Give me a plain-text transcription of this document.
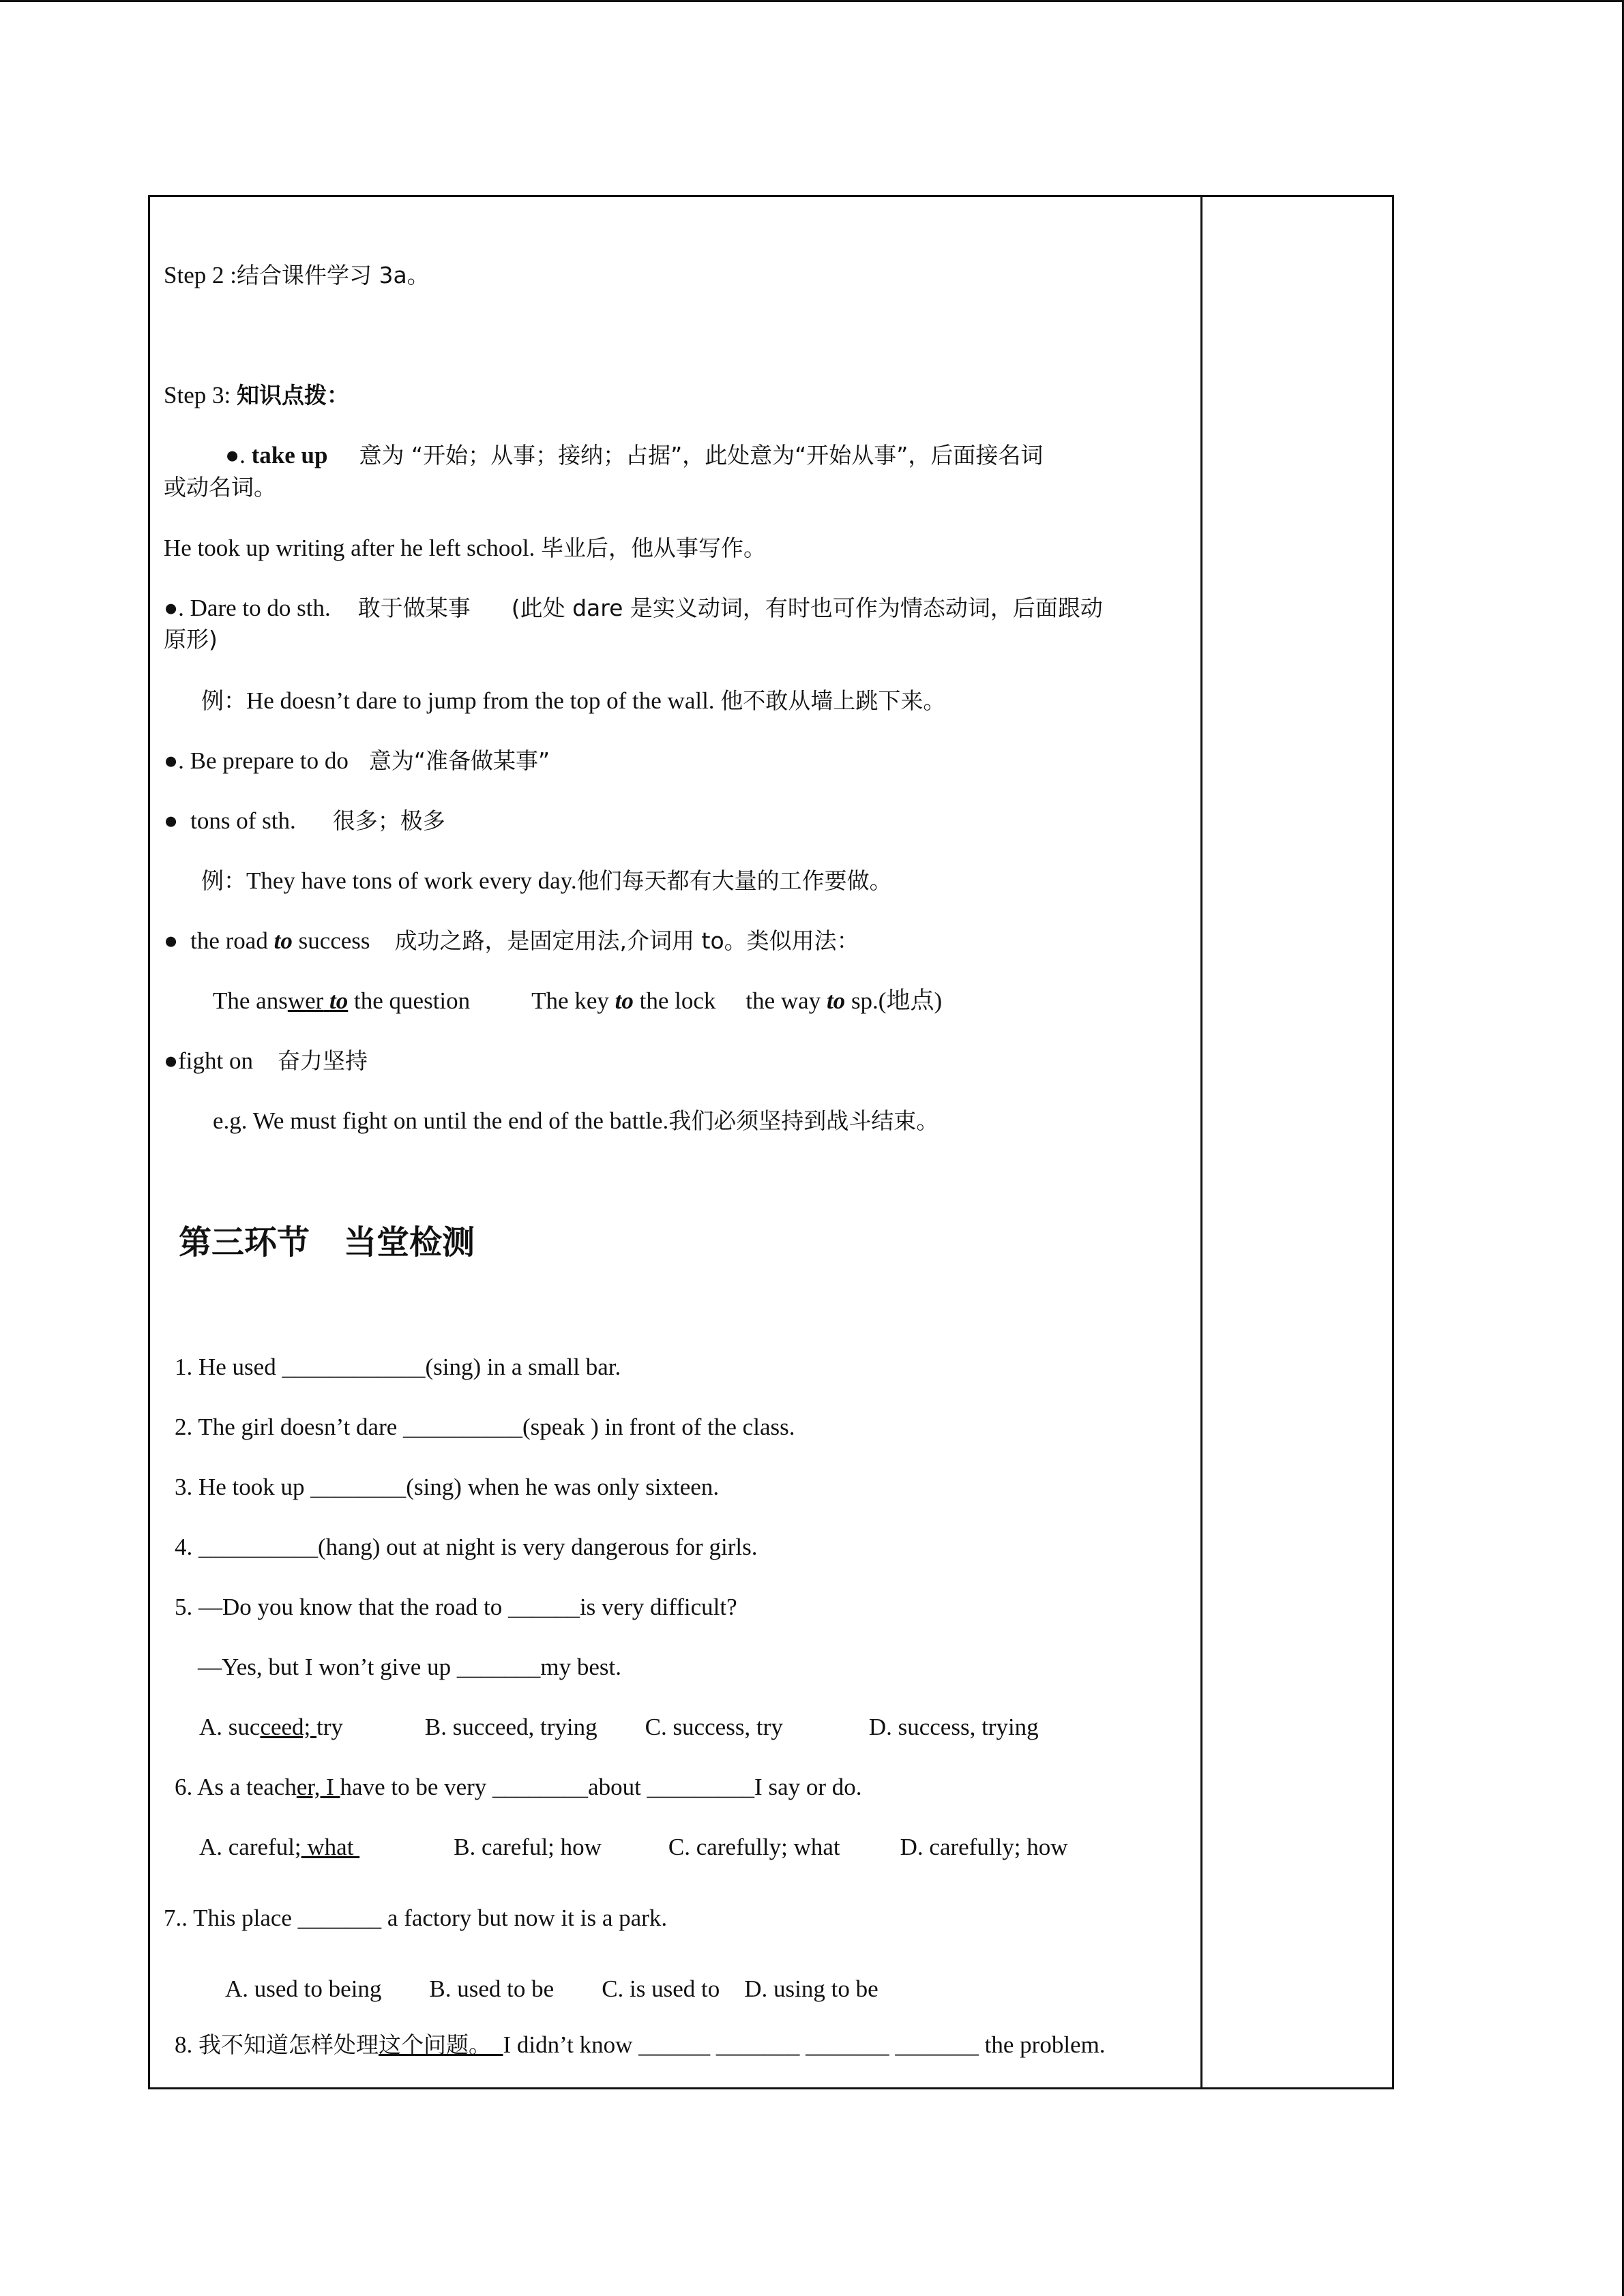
Step 2 :结合课件学习 3a。
Step 3: 知识点拨：
●. take up 意为 “开始；从事；接纳；占据”，此处意为“开始从事”，后面接名词
或动名词。
He took up writing after he left school. 毕业后，他从事写作。
●. Dare to do sth. 敢于做某事 (此处 dare 是实义动词，有时也可作为情态动词，后面跟动
原形)
例：He doesn’t dare to jump from the top of the wall. 他不敢从墙上跳下来。
●. Be prepare to do 意为“准备做某事”
● tons of sth. 很多；极多
例：They have tons of work every day.他们每天都有大量的工作要做。
● the road to success 成功之路，是固定用法,介词用 to。类似用法：
The answer to the question	The key to the lock the way to sp.(地点)
●fight on 奋力坚持
e.g. We must fight on until the end of the battle.我们必须坚持到战斗结束。
第三环节 当堂检测
1. He used ____________(sing) in a small bar.
2. The girl doesn’t dare __________(speak ) in front of the class.
3. He took up ________(sing) when he was only sixteen.
4. __________(hang) out at night is very dangerous for girls.
5. —Do you know that the road to ______is very difficult?
—Yes, but I won’t give up _______my best.
A. succeed; try	B. succeed, trying C. success, try	D. success, trying
6. As a teacher, I have to be very ________about _________I say or do.
A. careful; what	B. careful; how	C. carefully; what	D. carefully; how
7.. This place _______ a factory but now it is a park.
A. used to being B. used to be C. is used to D. using to be
8. 我不知道怎样处理这个问题。 I didn’t know ______ _______ _______ _______ the problem.
